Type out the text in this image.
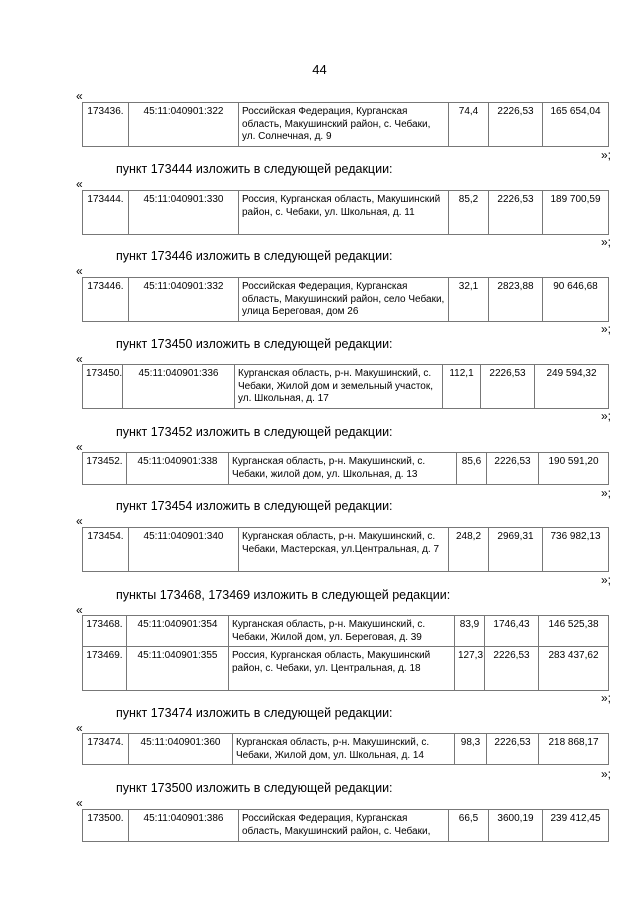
44
«
173436.	45:11:040901:322	Российская Федерация, Курганская область, Макушинский район, с. Чебаки, ул. Солнечная, д. 9	74,4	2226,53	165 654,04
»;
пункт 173444 изложить в следующей редакции:
«
173444.	45:11:040901:330	Россия, Курганская область, Макушинский район, с. Чебаки, ул. Школьная, д. 11	85,2	2226,53	189 700,59
»;
пункт 173446 изложить в следующей редакции:
«
173446.	45:11:040901:332	Российская Федерация, Курганская область, Макушинский район, село Чебаки, улица Береговая, дом 26	32,1	2823,88	90 646,68
»;
пункт 173450 изложить в следующей редакции:
«
173450.	45:11:040901:336	Курганская область, р-н. Макушинский, с. Чебаки, Жилой дом и земельный участок, ул. Школьная, д. 17	112,1	2226,53	249 594,32
»;
пункт 173452 изложить в следующей редакции:
«
173452.	45:11:040901:338	Курганская область, р-н. Макушинский, с. Чебаки, жилой дом, ул. Школьная, д. 13	85,6	2226,53	190 591,20
»;
пункт 173454 изложить в следующей редакции:
«
173454.	45:11:040901:340	Курганская область, р-н. Макушинский, с. Чебаки, Мастерская, ул.Центральная, д. 7	248,2	2969,31	736 982,13
»;
пункты 173468, 173469 изложить в следующей редакции:
«
173468.	45:11:040901:354	Курганская область, р-н. Макушинский, с. Чебаки, Жилой дом, ул. Береговая, д. 39	83,9	1746,43	146 525,38
173469.	45:11:040901:355	Россия, Курганская область, Макушинский район, с. Чебаки, ул. Центральная, д. 18	127,3	2226,53	283 437,62
»;
пункт 173474 изложить в следующей редакции:
«
173474.	45:11:040901:360	Курганская область, р-н. Макушинский, с. Чебаки, Жилой дом, ул. Школьная, д. 14	98,3	2226,53	218 868,17
»;
пункт 173500 изложить в следующей редакции:
«
173500.	45:11:040901:386	Российская Федерация, Курганская область, Макушинский район, с. Чебаки,	66,5	3600,19	239 412,45
